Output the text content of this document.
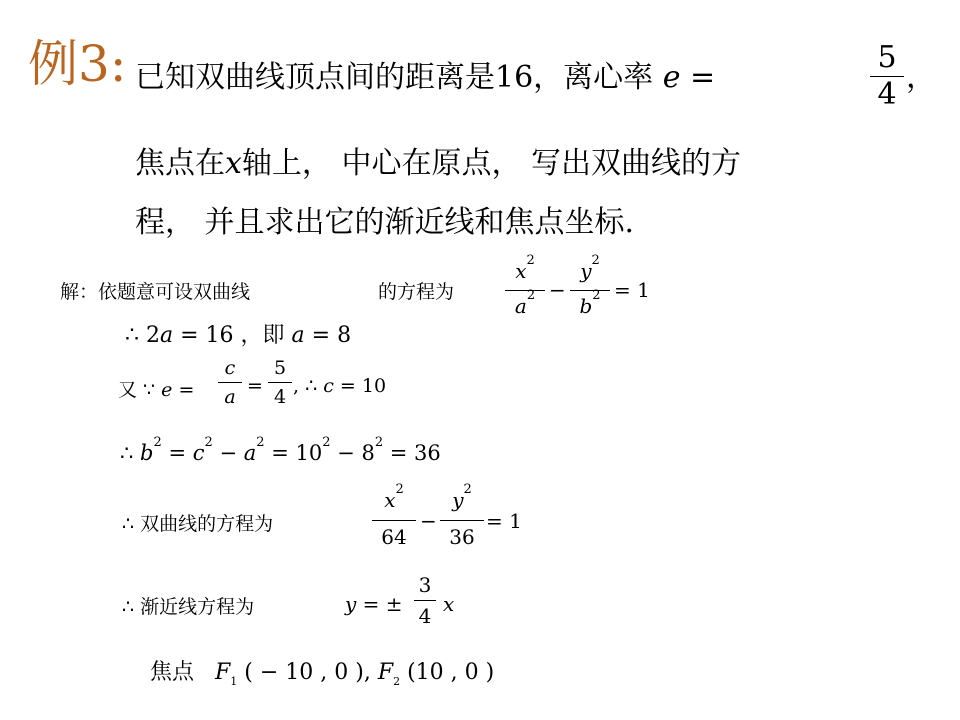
例3: 已知双曲线顶点间的距离是16，离心率 e =
5
4 ，
焦点在x轴上， 中心在原点， 写出双曲线的方
程， 并且求出它的渐近线和焦点坐标.
解：依题意可设双曲线	的方程为
$x^2$
$a^2$ −
$y^2$
$b^2 = 1$
∴ 2a = 16 ，即 a = 8
又 ∵ e =
c
a =
5
4 , ∴ c = 10
∴ $b^2 = c^2 - a^2 = 10^2 - 8^2 = 36$
∴ 双曲线的方程为
$x^2$
64
−
$y^2$
36
= 1
∴ 渐近线方程为	y = ±
3
4 x
焦点 $F_1$ ( − 10 , 0 ), $F_2$ (10 , 0 )
